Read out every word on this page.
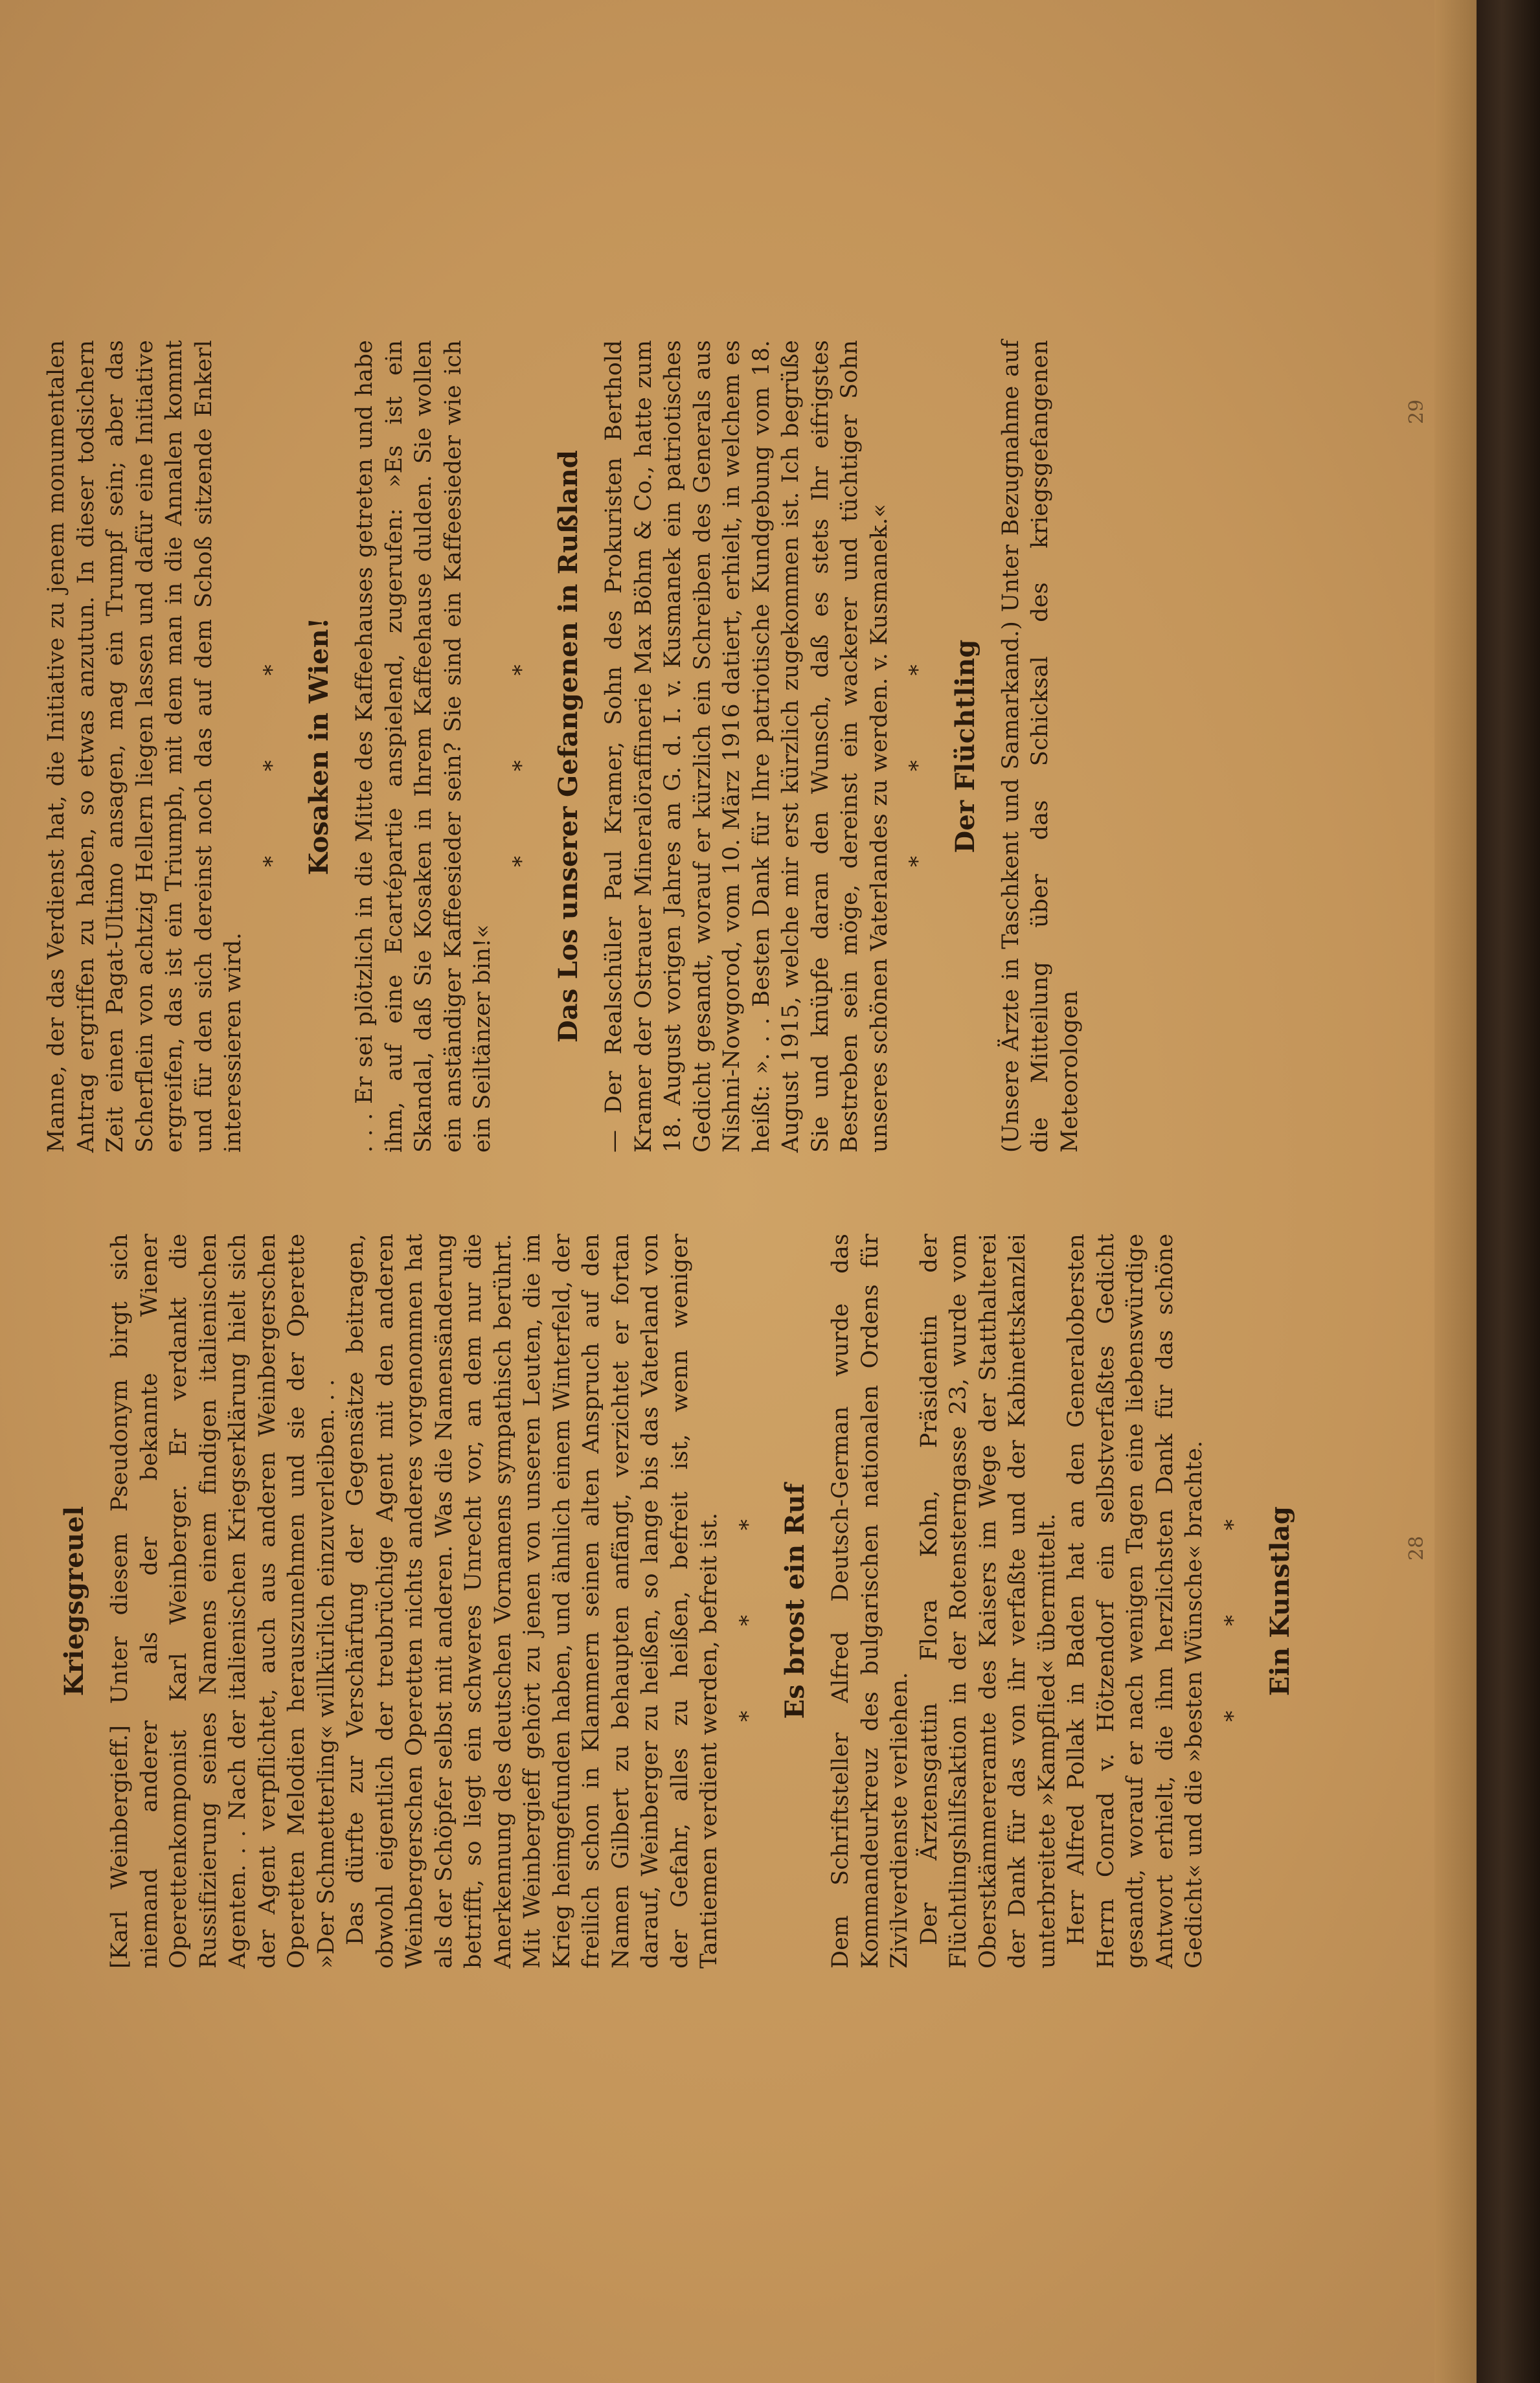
Kriegsgreuel [Karl Weinbergieff.] Unter diesem Pseudonym birgt sich niemand anderer als der bekannte Wiener Operettenkomponist Karl Weinberger. Er verdankt die Russifizierung seines Namens einem findigen italienischen Agenten. . . Nach der italienischen Kriegserklärung hielt sich der Agent verpflichtet, auch aus anderen Weinbergerschen Operetten Melodien herauszunehmen und sie der Operette »Der Schmetterling« willkürlich einzuverleiben. . . Das dürfte zur Verschärfung der Gegensätze beitragen, obwohl eigentlich der treubrüchige Agent mit den anderen Weinbergerschen Operetten nichts anderes vorgenommen hat als der Schöpfer selbst mit anderen. Was die Namensänderung betrifft, so liegt ein schweres Unrecht vor, an dem nur die Anerkennung des deutschen Vornamens sympathisch berührt. Mit Weinbergieff gehört zu jenen von unseren Leuten, die im Krieg heimgefunden haben, und ähnlich einem Winterfeld, der freilich schon in Klammern seinen alten Anspruch auf den Namen Gilbert zu behaupten anfängt, verzichtet er fortan darauf, Weinberger zu heißen, so lange bis das Vaterland von der Gefahr, alles zu heißen, befreit ist, wenn weniger Tantiemen verdient werden, befreit ist. * * * Es brost ein Ruf Dem Schriftsteller Alfred Deutsch-German wurde das Kommandeurkreuz des bulgarischen nationalen Ordens für Zivilverdienste verliehen. Der Ärztensgattin Flora Kohn, Präsidentin der Flüchtlingshilfsaktion in der Rotensterngasse 23, wurde vom Oberstkämmereramte des Kaisers im Wege der Statthalterei der Dank für das von ihr verfaßte und der Kabinettskanzlei unterbreitete »Kampflied« übermittelt. Herr Alfred Pollak in Baden hat an den Generalobersten Herrn Conrad v. Hötzendorf ein selbstverfaßtes Gedicht gesandt, worauf er nach wenigen Tagen eine liebenswürdige Antwort erhielt, die ihm herzlichsten Dank für das schöne Gedicht« und die »besten Wünsche« brachte. * * * Ein Kunstlag

Manne, der das Verdienst hat, die Initiative zu jenem monumentalen Antrag ergriffen zu haben, so etwas anzutun. In dieser todsichern Zeit einen Pagat-Ultimo ansagen, mag ein Trumpf sein; aber das Scherflein von achtzig Hellern liegen lassen und dafür eine Initiative ergreifen, das ist ein Triumph, mit dem man in die Annalen kommt und für den sich dereinst noch das auf dem Schoß sitzende Enkerl interessieren wird.

* * * Kosaken in Wien! . . . Er sei plötzlich in die Mitte des Kaffeehauses getreten und habe ihm, auf eine Ecartépartie anspielend, zugerufen: »Es ist ein Skandal, daß Sie Kosaken in Ihrem Kaffeehause dulden. Sie wollen ein anständiger Kaffeesieder sein? Sie sind ein Kaffeesieder wie ich ein Seiltänzer bin!«

* * * Das Los unserer Gefangenen in Rußland — Der Realschüler Paul Kramer, Sohn des Prokuristen Berthold Kramer der Ostrauer Mineralöraffinerie Max Böhm & Co., hatte zum 18. August vorigen Jahres an G. d. I. v. Kusmanek ein patriotisches Gedicht gesandt, worauf er kürzlich ein Schreiben des Generals aus Nishni-Nowgorod, vom 10. März 1916 datiert, erhielt, in welchem es heißt: ». . . Besten Dank für Ihre patriotische Kundgebung vom 18. August 1915, welche mir erst kürzlich zugekommen ist. Ich begrüße Sie und knüpfe daran den Wunsch, daß es stets Ihr eifrigstes Bestreben sein möge, dereinst ein wackerer und tüchtiger Sohn unseres schönen Vaterlandes zu werden. v. Kusmanek.« * * * Der Flüchtling (Unsere Ärzte in Taschkent und Samarkand.) Unter Bezugnahme auf die Mitteilung über das Schicksal des kriegsgefangenen Meteorologen

28
29
